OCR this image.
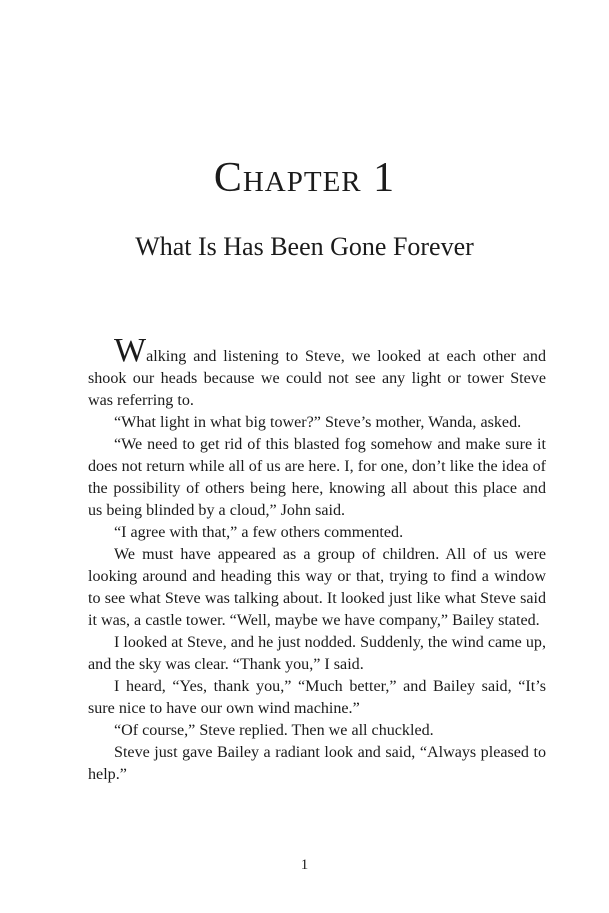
Chapter 1
What Is Has Been Gone Forever

Walking and listening to Steve, we looked at each other and shook our heads because we could not see any light or tower Steve was referring to.

“What light in what big tower?” Steve’s mother, Wanda, asked.

“We need to get rid of this blasted fog somehow and make sure it does not return while all of us are here. I, for one, don’t like the idea of the possibility of others being here, knowing all about this place and us being blinded by a cloud,” John said.

“I agree with that,” a few others commented.

We must have appeared as a group of children. All of us were looking around and heading this way or that, trying to find a window to see what Steve was talking about. It looked just like what Steve said it was, a castle tower. “Well, maybe we have company,” Bailey stated.

I looked at Steve, and he just nodded. Suddenly, the wind came up, and the sky was clear. “Thank you,” I said.

I heard, “Yes, thank you,” “Much better,” and Bailey said, “It’s sure nice to have our own wind machine.”

“Of course,” Steve replied. Then we all chuckled.

Steve just gave Bailey a radiant look and said, “Always pleased to help.”

1
